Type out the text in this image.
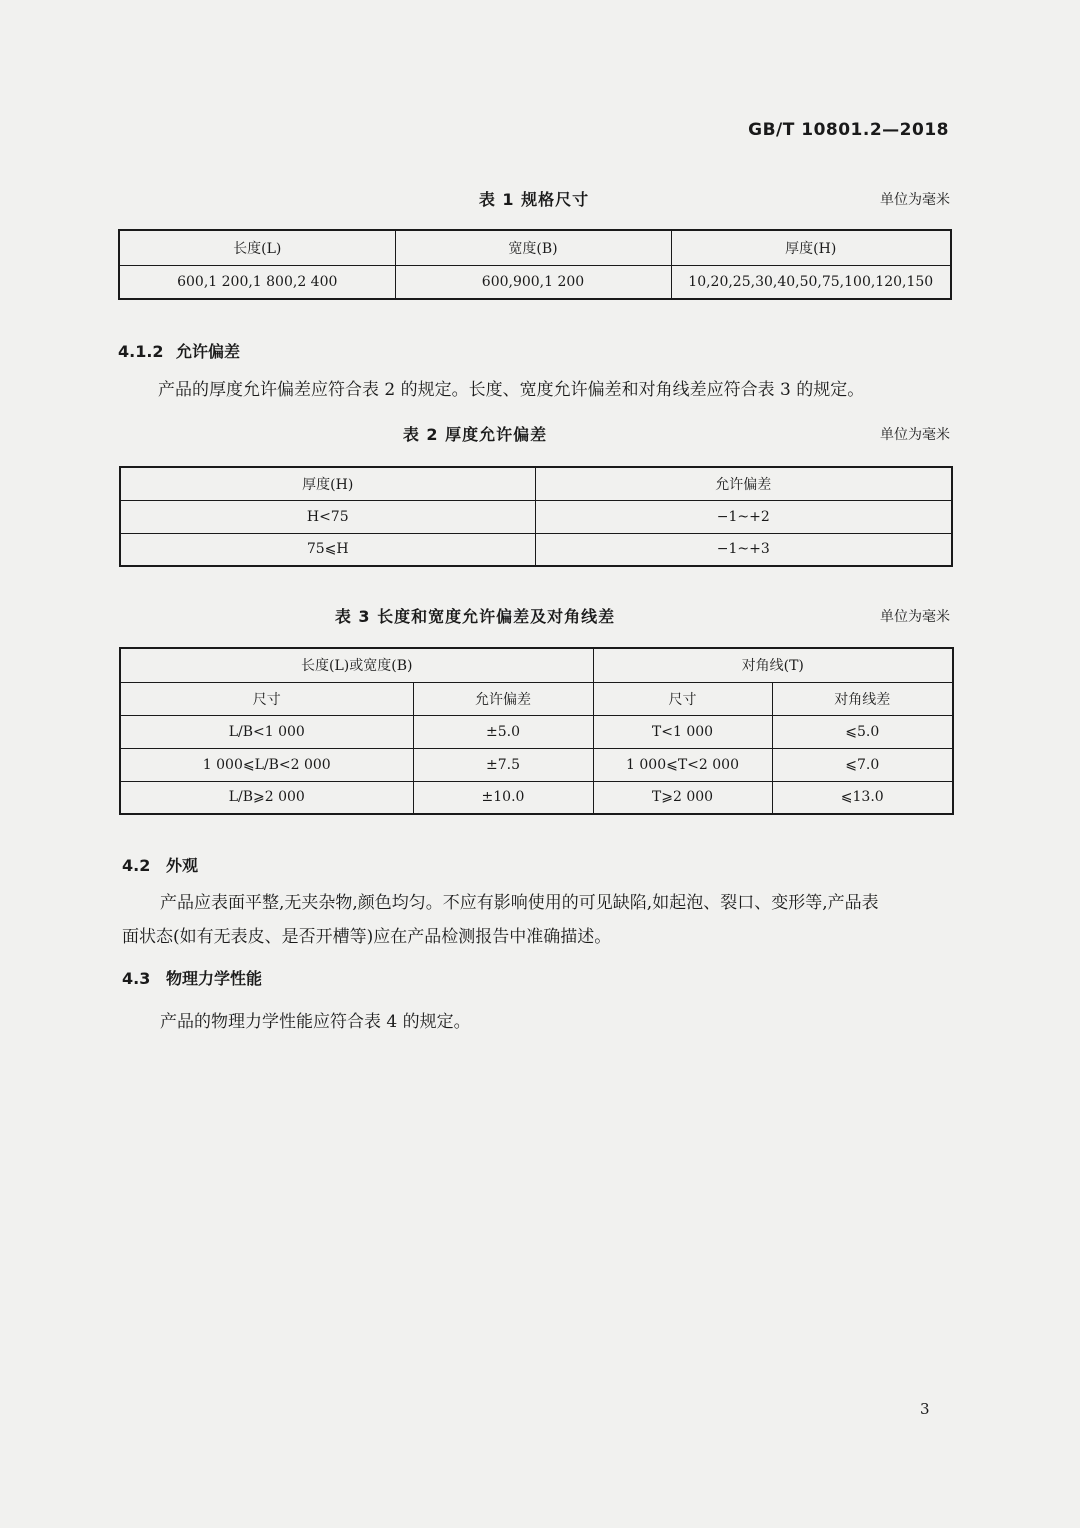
GB/T 10801.2—2018
表 1 规格尺寸	单位为毫米
长度(L)	宽度(B)	厚度(H)
600,1 200,1 800,2 400	600,900,1 200	10,20,25,30,40,50,75,100,120,150
4.1.2 允许偏差
产品的厚度允许偏差应符合表 2 的规定。长度、宽度允许偏差和对角线差应符合表 3 的规定。
表 2 厚度允许偏差	单位为毫米
厚度(H)	允许偏差
H<75	−1~+2
75⩽H	−1~+3
表 3 长度和宽度允许偏差及对角线差	单位为毫米
长度(L)或宽度(B)		对角线(T)	
尺寸	允许偏差	尺寸	对角线差
L/B<1 000	±5.0	T<1 000	⩽5.0
1 000⩽L/B<2 000	±7.5	1 000⩽T<2 000	⩽7.0
L/B⩾2 000	±10.0	T⩾2 000	⩽13.0
4.2 外观
产品应表面平整,无夹杂物,颜色均匀。不应有影响使用的可见缺陷,如起泡、裂口、变形等,产品表
面状态(如有无表皮、是否开槽等)应在产品检测报告中准确描述。
4.3 物理力学性能
产品的物理力学性能应符合表 4 的规定。
3
